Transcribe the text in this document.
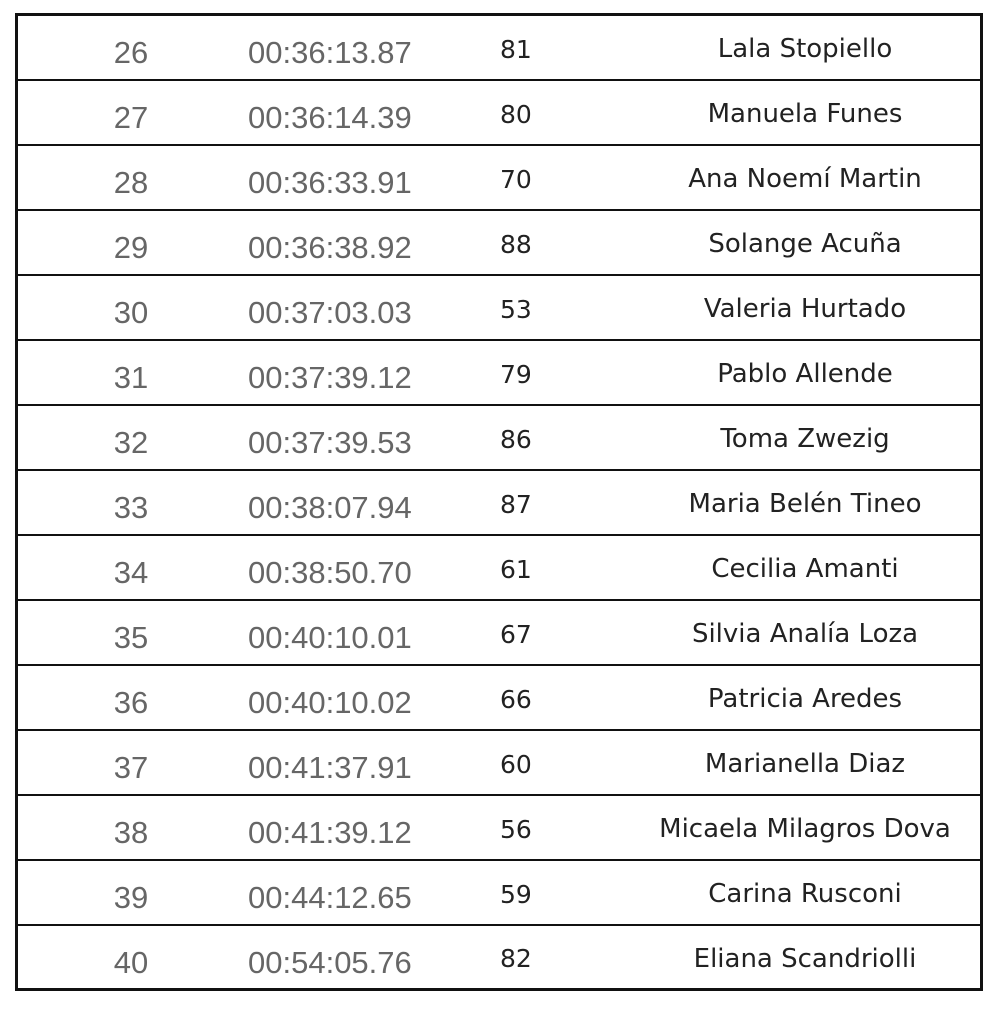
26	00:36:13.87	81	Lala Stopiello
27	00:36:14.39	80	Manuela Funes
28	00:36:33.91	70	Ana Noemí Martin
29	00:36:38.92	88	Solange Acuña
30	00:37:03.03	53	Valeria Hurtado
31	00:37:39.12	79	Pablo Allende
32	00:37:39.53	86	Toma Zwezig
33	00:38:07.94	87	Maria Belén Tineo
34	00:38:50.70	61	Cecilia Amanti
35	00:40:10.01	67	Silvia Analía Loza
36	00:40:10.02	66	Patricia Aredes
37	00:41:37.91	60	Marianella Diaz
38	00:41:39.12	56	Micaela Milagros Dova
39	00:44:12.65	59	Carina Rusconi
40	00:54:05.76	82	Eliana Scandriolli
